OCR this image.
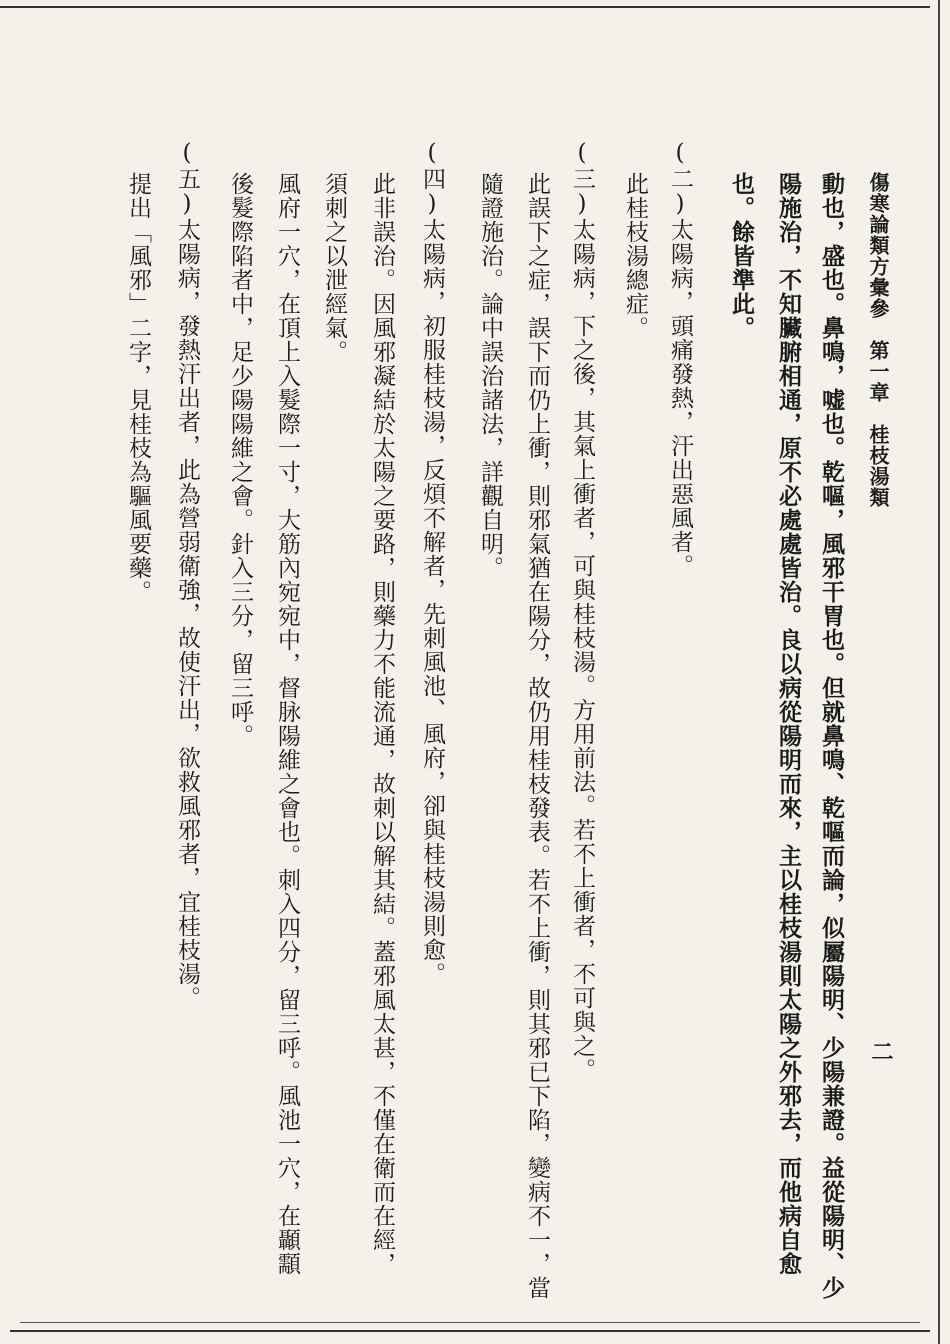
傷寒論類方彙參　第一章　桂枝湯類
二
動也，盛也。鼻鳴，嘘也。乾嘔，風邪干胃也。但就鼻鳴、乾嘔而論，似屬陽明、少陽兼證。益從陽明、少
陽施治，不知臟腑相通，原不必處處皆治。良以病從陽明而來，主以桂枝湯則太陽之外邪去，而他病自愈
也。餘皆準此。
(二)太陽病，頭痛發熱，汗出惡風者。
此桂枝湯總症。
(三)太陽病，下之後，其氣上衝者，可與桂枝湯。方用前法。若不上衝者，不可與之。
此誤下之症，誤下而仍上衝，則邪氣猶在陽分，故仍用桂枝發表。若不上衝，則其邪已下陷，變病不一，當
隨證施治。論中誤治諸法，詳觀自明。
(四)太陽病，初服桂枝湯，反煩不解者，先刺風池、風府，卻與桂枝湯則愈。
此非誤治。因風邪凝結於太陽之要路，則藥力不能流通，故刺以解其結。蓋邪風太甚，不僅在衛而在經，
須刺之以泄經氣。
風府一穴，在頂上入髮際一寸，大筋內宛宛中，督脉陽維之會也。刺入四分，留三呼。風池一穴，在顳顬
後髮際陷者中，足少陽陽維之會。針入三分，留三呼。
(五)太陽病，發熱汗出者，此為營弱衛強，故使汗出，欲救風邪者，宜桂枝湯。
提出「風邪」二字，見桂枝為驅風要藥。
